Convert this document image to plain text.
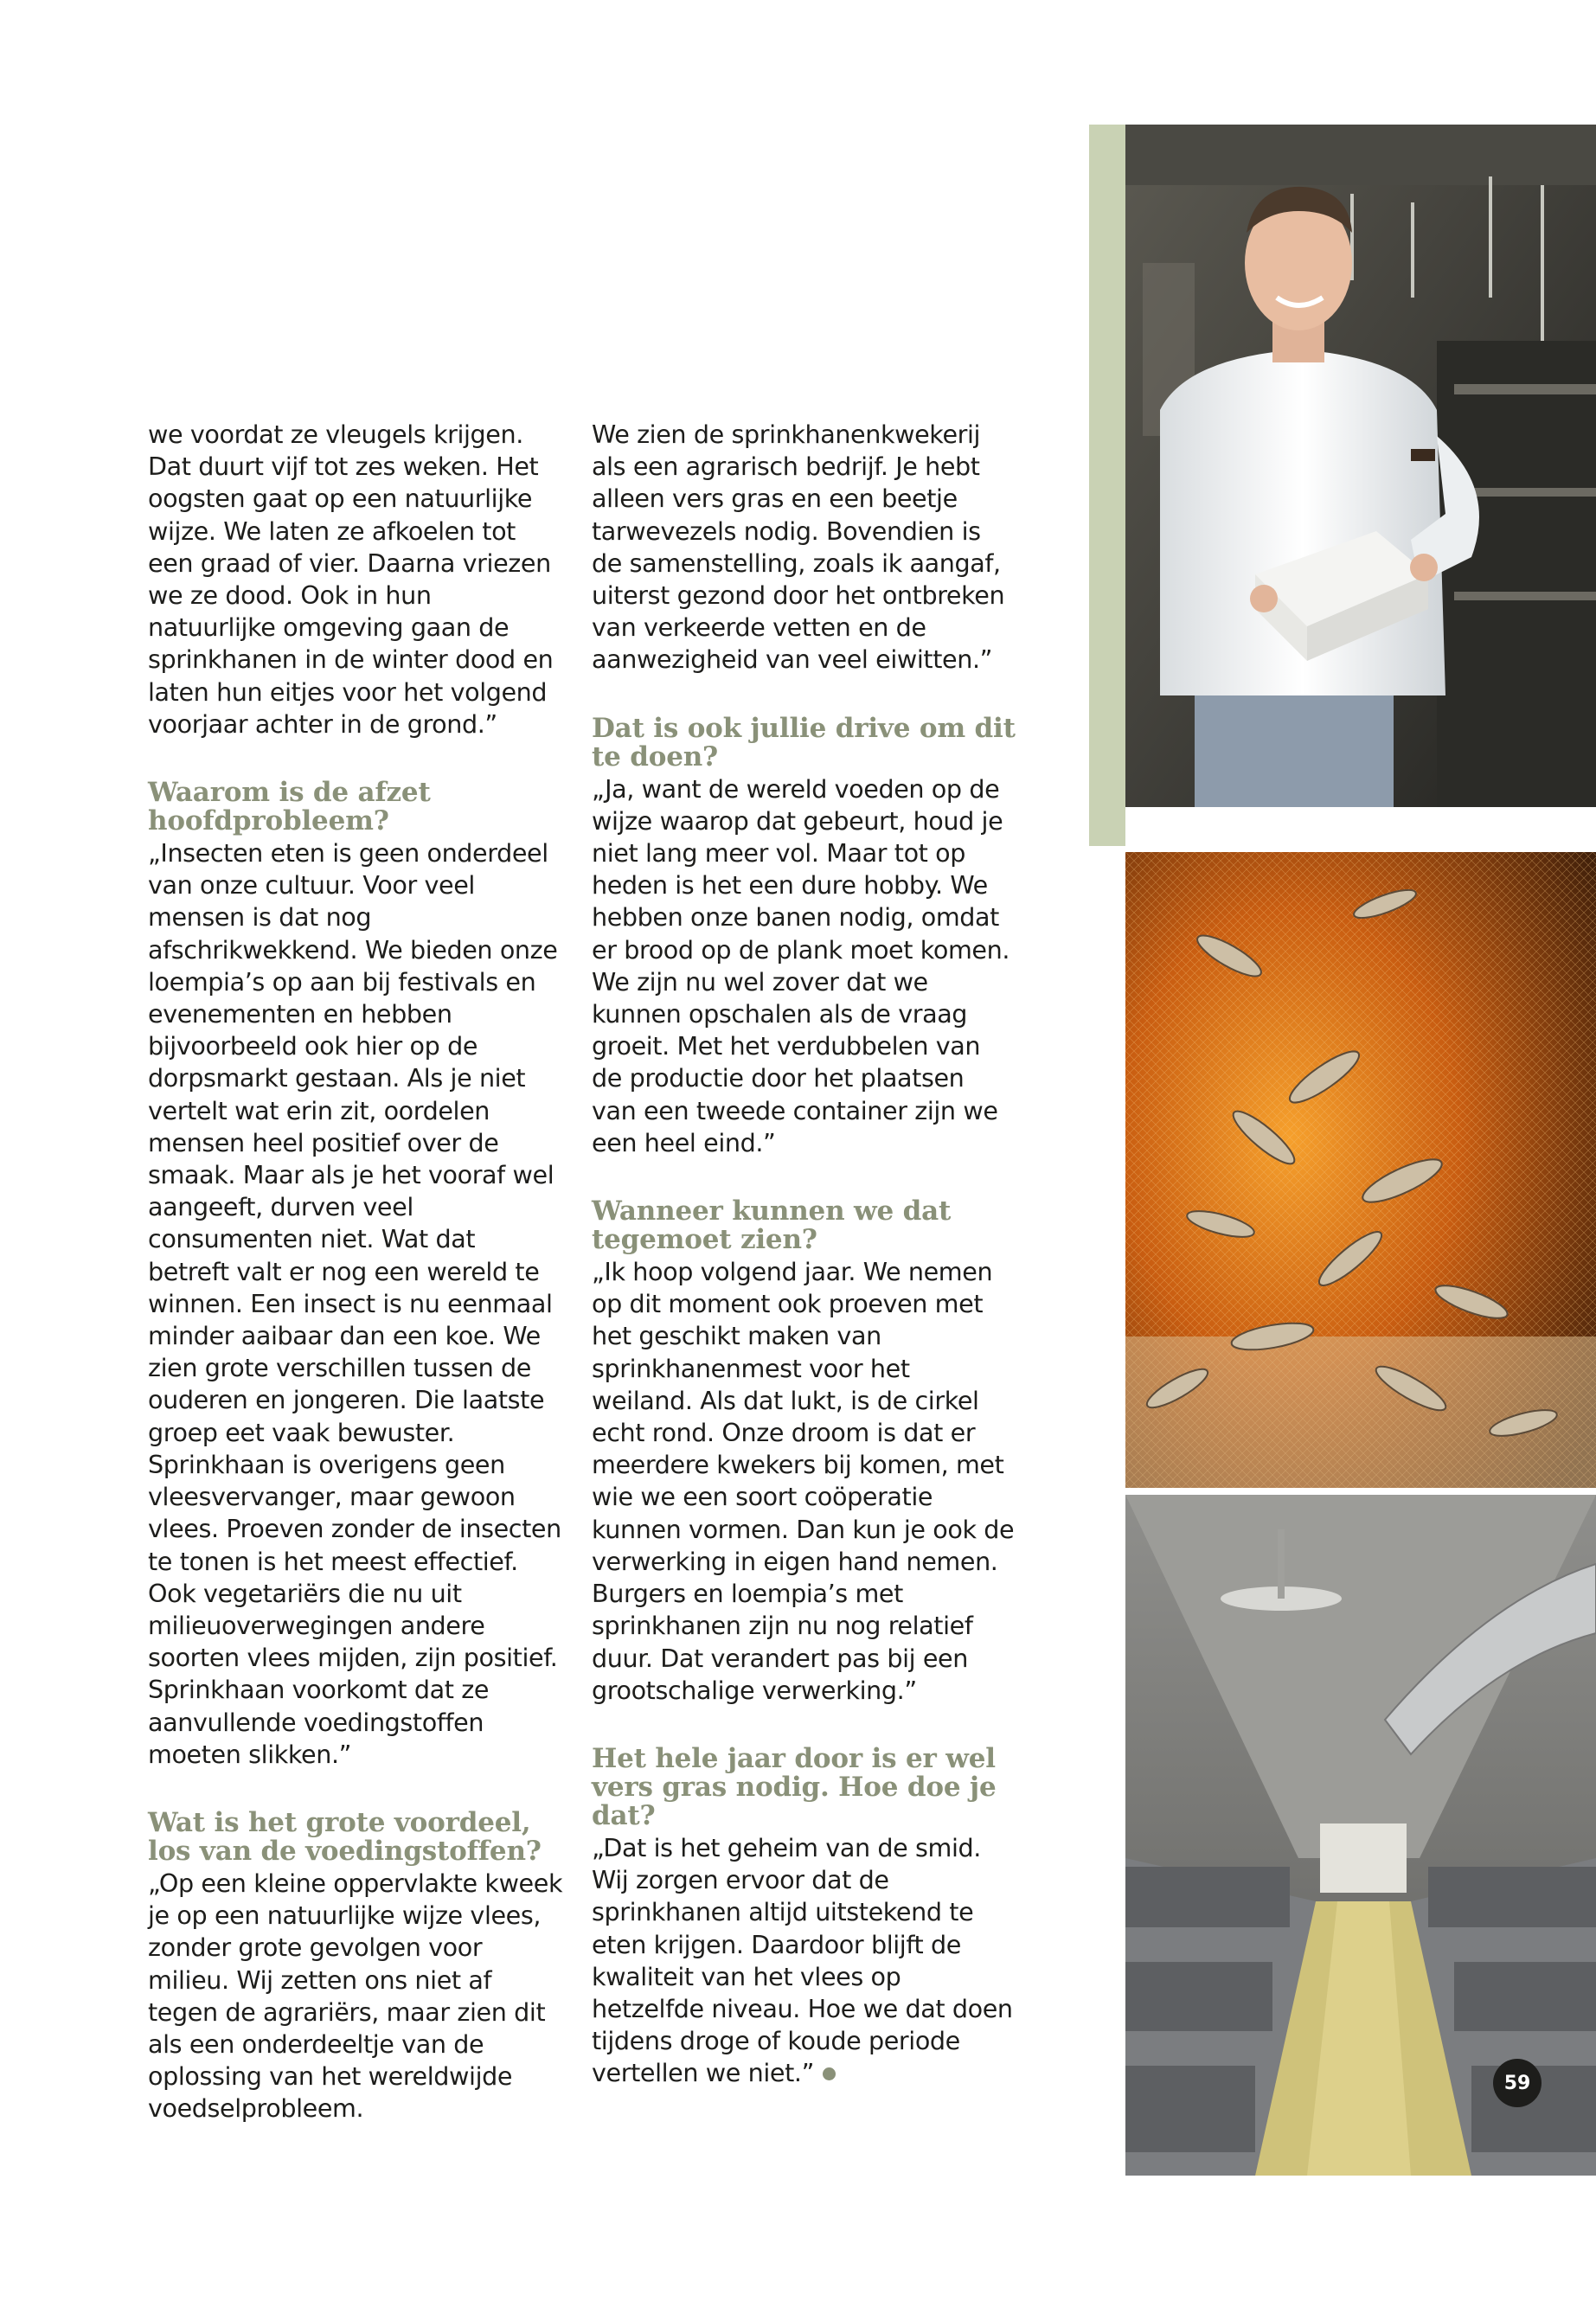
we voordat ze vleugels krijgen. Dat duurt vijf tot zes weken. Het oogsten gaat op een natuurlijke wijze. We laten ze afkoelen tot een graad of vier. Daarna vriezen we ze dood. Ook in hun natuurlijke omgeving gaan de sprinkhanen in de winter dood en laten hun eitjes voor het volgend voorjaar achter in de grond.”

Waarom is de afzet hoofdprobleem?

„Insecten eten is geen onderdeel van onze cultuur. Voor veel mensen is dat nog afschrikwekkend. We bieden onze loempia’s op aan bij festivals en evenementen en hebben bijvoorbeeld ook hier op de dorpsmarkt gestaan. Als je niet vertelt wat erin zit, oordelen mensen heel positief over de smaak. Maar als je het vooraf wel aangeeft, durven veel consumenten niet. Wat dat betreft valt er nog een wereld te winnen. Een insect is nu eenmaal minder aaibaar dan een koe. We zien grote verschillen tussen de ouderen en jongeren. Die laatste groep eet vaak bewuster. Sprinkhaan is overigens geen vleesvervanger, maar gewoon vlees. Proeven zonder de insecten te tonen is het meest effectief. Ook vegetariërs die nu uit milieuoverwegingen andere soorten vlees mijden, zijn positief. Sprinkhaan voorkomt dat ze aanvullende voedingstoffen moeten slikken.”

Wat is het grote voordeel, los van de voedingstoffen?

„Op een kleine oppervlakte kweek je op een natuurlijke wijze vlees, zonder grote gevolgen voor milieu. Wij zetten ons niet af tegen de agrariërs, maar zien dit als een onderdeeltje van de oplossing van het wereldwijde voedselprobleem.

We zien de sprinkhanenkwekerij als een agrarisch bedrijf. Je hebt alleen vers gras en een beetje tarwevezels nodig. Bovendien is de samenstelling, zoals ik aangaf, uiterst gezond door het ontbreken van verkeerde vetten en de aanwezigheid van veel eiwitten.”

Dat is ook jullie drive om dit te doen?

„Ja, want de wereld voeden op de wijze waarop dat gebeurt, houd je niet lang meer vol. Maar tot op heden is het een dure hobby. We hebben onze banen nodig, omdat er brood op de plank moet komen. We zijn nu wel zover dat we kunnen opschalen als de vraag groeit. Met het verdubbelen van de productie door het plaatsen van een tweede container zijn we een heel eind.”

Wanneer kunnen we dat tegemoet zien?

„Ik hoop volgend jaar. We nemen op dit moment ook proeven met het geschikt maken van sprinkhanenmest voor het weiland. Als dat lukt, is de cirkel echt rond. Onze droom is dat er meerdere kwekers bij komen, met wie we een soort coöperatie kunnen vormen. Dan kun je ook de verwerking in eigen hand nemen. Burgers en loempia’s met sprinkhanen zijn nu nog relatief duur. Dat verandert pas bij een grootschalige verwerking.”

Het hele jaar door is er wel vers gras nodig. Hoe doe je dat?

„Dat is het geheim van de smid. Wij zorgen ervoor dat de sprinkhanen altijd uitstekend te eten krijgen. Daardoor blijft de kwaliteit van het vlees op hetzelfde niveau. Hoe we dat doen tijdens droge of koude periode vertellen we niet.”	59
